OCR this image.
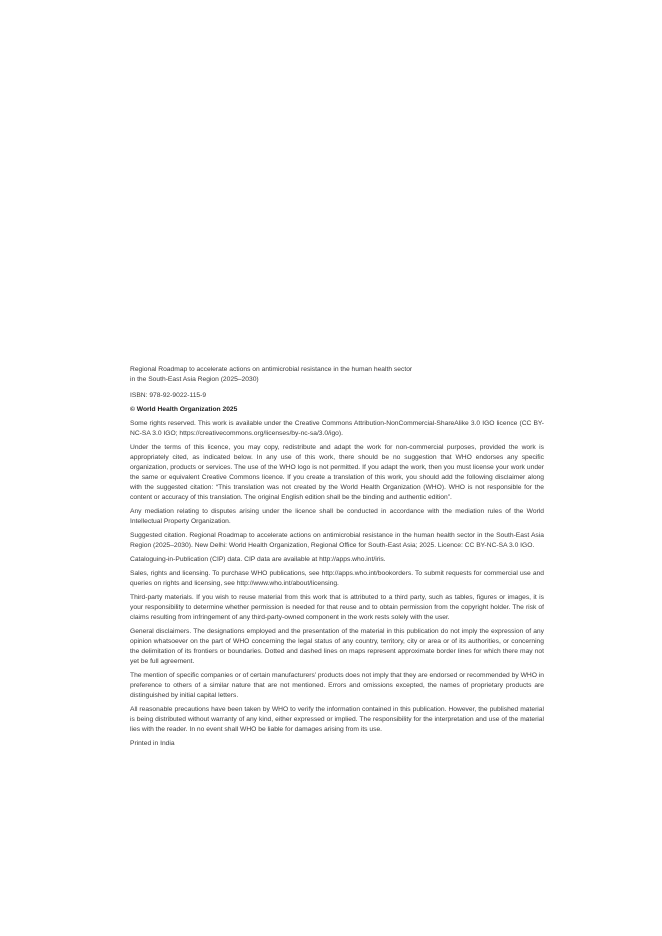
Regional Roadmap to accelerate actions on antimicrobial resistance in the human health sector
in the South-East Asia Region (2025–2030)

ISBN: 978-92-9022-115-9

© World Health Organization 2025

Some rights reserved. This work is available under the Creative Commons Attribution-NonCommercial-ShareAlike 3.0 IGO licence (CC BY-NC-SA 3.0 IGO; https://creativecommons.org/licenses/by-nc-sa/3.0/igo).

Under the terms of this licence, you may copy, redistribute and adapt the work for non-commercial purposes, provided the work is appropriately cited, as indicated below. In any use of this work, there should be no suggestion that WHO endorses any specific organization, products or services. The use of the WHO logo is not permitted. If you adapt the work, then you must license your work under the same or equivalent Creative Commons licence. If you create a translation of this work, you should add the following disclaimer along with the suggested citation: “This translation was not created by the World Health Organization (WHO). WHO is not responsible for the content or accuracy of this translation. The original English edition shall be the binding and authentic edition”.

Any mediation relating to disputes arising under the licence shall be conducted in accordance with the mediation rules of the World Intellectual Property Organization.

Suggested citation. Regional Roadmap to accelerate actions on antimicrobial resistance in the human health sector in the South-East Asia Region (2025–2030). New Delhi: World Health Organization, Regional Office for South-East Asia; 2025. Licence: CC BY-NC-SA 3.0 IGO.

Cataloguing-in-Publication (CIP) data. CIP data are available at http://apps.who.int/iris.

Sales, rights and licensing. To purchase WHO publications, see http://apps.who.int/bookorders. To submit requests for commercial use and queries on rights and licensing, see http://www.who.int/about/licensing.

Third-party materials. If you wish to reuse material from this work that is attributed to a third party, such as tables, figures or images, it is your responsibility to determine whether permission is needed for that reuse and to obtain permission from the copyright holder. The risk of claims resulting from infringement of any third-party-owned component in the work rests solely with the user.

General disclaimers. The designations employed and the presentation of the material in this publication do not imply the expression of any opinion whatsoever on the part of WHO concerning the legal status of any country, territory, city or area or of its authorities, or concerning the delimitation of its frontiers or boundaries. Dotted and dashed lines on maps represent approximate border lines for which there may not yet be full agreement.

The mention of specific companies or of certain manufacturers’ products does not imply that they are endorsed or recommended by WHO in preference to others of a similar nature that are not mentioned. Errors and omissions excepted, the names of proprietary products are distinguished by initial capital letters.

All reasonable precautions have been taken by WHO to verify the information contained in this publication. However, the published material is being distributed without warranty of any kind, either expressed or implied. The responsibility for the interpretation and use of the material lies with the reader. In no event shall WHO be liable for damages arising from its use.

Printed in India
